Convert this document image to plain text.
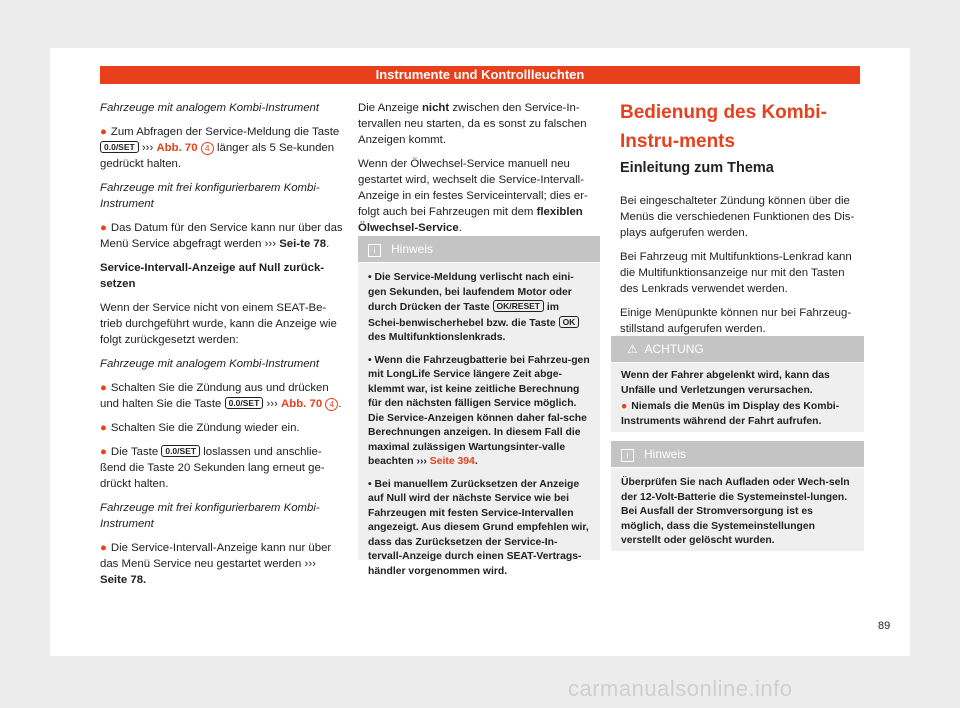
Instrumente und Kontrollleuchten

Fahrzeuge mit analogem Kombi-Instrument

● Zum Abfragen der Service-Meldung die Taste 0.0/SET ››› Abb. 70 4 länger als 5 Se-kunden gedrückt halten.

Fahrzeuge mit frei konfigurierbarem Kombi-Instrument

● Das Datum für den Service kann nur über das Menü Service abgefragt werden ››› Sei-te 78.

Service-Intervall-Anzeige auf Null zurück-setzen

Wenn der Service nicht von einem SEAT-Be-trieb durchgeführt wurde, kann die Anzeige wie folgt zurückgesetzt werden:

Fahrzeuge mit analogem Kombi-Instrument

● Schalten Sie die Zündung aus und drücken und halten Sie die Taste 0.0/SET ››› Abb. 70 4 .

● Schalten Sie die Zündung wieder ein.

● Die Taste 0.0/SET loslassen und anschlie-ßend die Taste 20 Sekunden lang erneut ge-drückt halten.

Fahrzeuge mit frei konfigurierbarem Kombi-Instrument

● Die Service-Intervall-Anzeige kann nur über das Menü Service neu gestartet werden ››› Seite 78.

Die Anzeige nicht zwischen den Service-In-tervallen neu starten, da es sonst zu falschen Anzeigen kommt.

Wenn der Ölwechsel-Service manuell neu gestartet wird, wechselt die Service-Intervall-Anzeige in ein festes Serviceintervall; dies er-folgt auch bei Fahrzeugen mit dem flexiblen Ölwechsel-Service.

i Hinweis

• Die Service-Meldung verlischt nach eini-gen Sekunden, bei laufendem Motor oder durch Drücken der Taste OK/RESET im Schei-benwischerhebel bzw. die Taste OK des Multifunktionslenkrads.

• Wenn die Fahrzeugbatterie bei Fahrzeu-gen mit LongLife Service längere Zeit abge-klemmt war, ist keine zeitliche Berechnung für den nächsten fälligen Service möglich. Die Service-Anzeigen können daher fal-sche Berechnungen anzeigen. In diesem Fall die maximal zulässigen Wartungsinter-valle beachten ››› Seite 394.

• Bei manuellem Zurücksetzen der Anzeige auf Null wird der nächste Service wie bei Fahrzeugen mit festen Service-Intervallen angezeigt. Aus diesem Grund empfehlen wir, dass das Zurücksetzen der Service-In-tervall-Anzeige durch einen SEAT-Vertrags-händler vorgenommen wird.

Bedienung des Kombi-Instru-ments
Einleitung zum Thema

Bei eingeschalteter Zündung können über die Menüs die verschiedenen Funktionen des Dis-plays aufgerufen werden.

Bei Fahrzeug mit Multifunktions-Lenkrad kann die Multifunktionsanzeige nur mit den Tasten des Lenkrads verwendet werden.

Einige Menüpunkte können nur bei Fahrzeug-stillstand aufgerufen werden.

⚠ ACHTUNG

Wenn der Fahrer abgelenkt wird, kann das Unfälle und Verletzungen verursachen.

● Niemals die Menüs im Display des Kombi-Instruments während der Fahrt aufrufen.

i Hinweis
Überprüfen Sie nach Aufladen oder Wech-seln der 12-Volt-Batterie die Systemeinstel-lungen. Bei Ausfall der Stromversorgung ist es möglich, dass die Systemeinstellungen verstellt oder gelöscht wurden.
89
carmanualsonline.info
